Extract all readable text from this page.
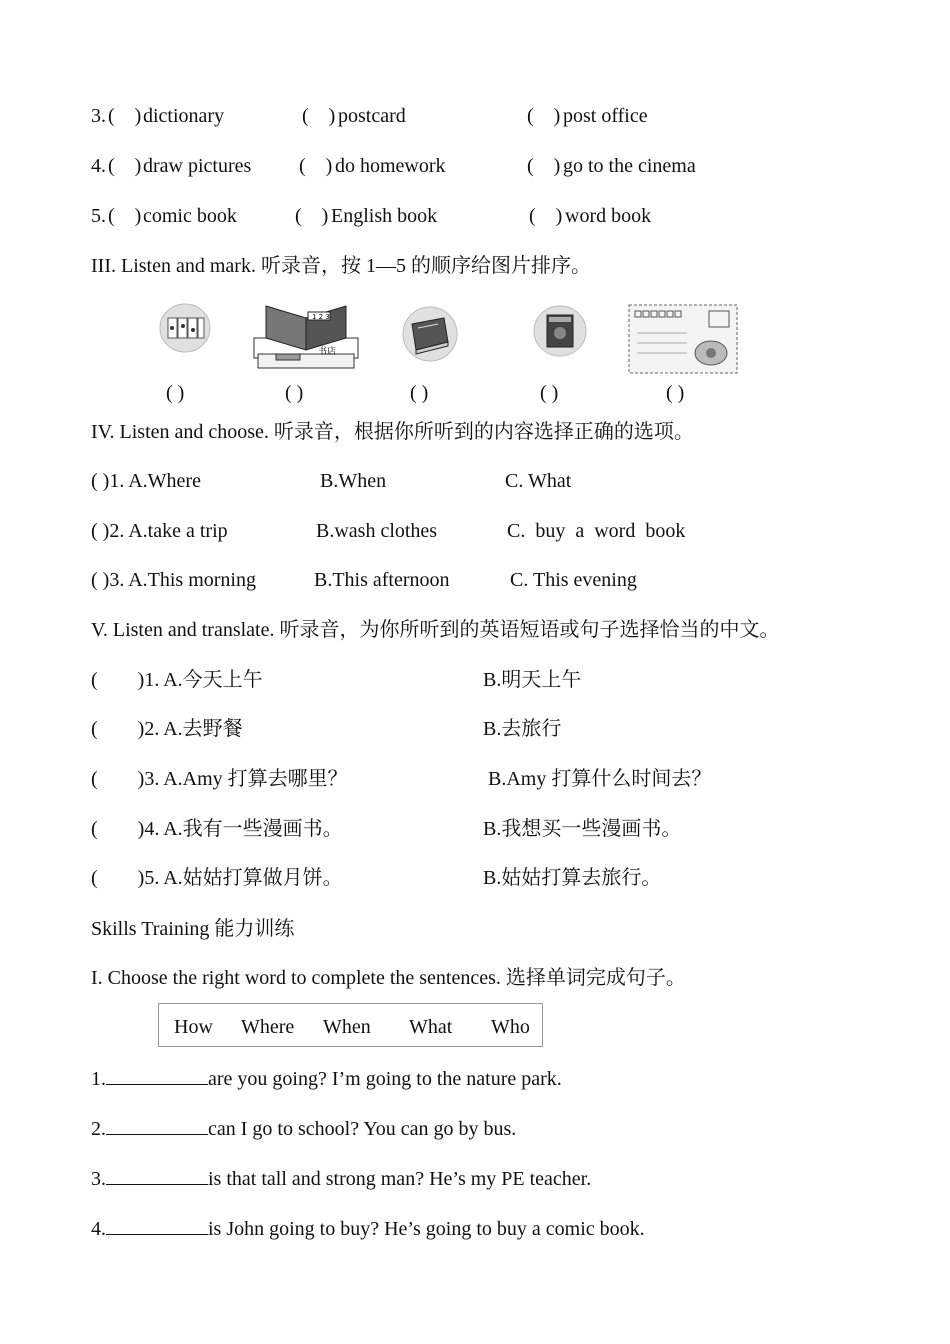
3. (    ) dictionary	(    ) postcard	(    ) post office
4. (    ) draw pictures (    ) do homework	(    ) go to the cinema
5. (    ) comic book	(    ) English book	(    ) word book
III. Listen and mark. 听录音，按 1—5 的顺序给图片排序。
1 2 3
书店
( )	( )	( )	( )	( )
IV. Listen and choose. 听录音，根据你所听到的内容选择正确的选项。
( )1. A.Where	B.When	C. What
( )2. A.take a trip	B.wash clothes	C.  buy  a  word  book
( )3. A.This morning	B.This afternoon	C. This evening
V. Listen and translate. 听录音，为你所听到的英语短语或句子选择恰当的中文。
(        )1. A.今天上午	B.明天上午
(        )2. A.去野餐	B.去旅行
(        )3. A.Amy 打算去哪里？	B.Amy 打算什么时间去？
(        )4. A.我有一些漫画书。	B.我想买一些漫画书。
(        )5. A.姑姑打算做月饼。	B.姑姑打算去旅行。
Skills Training 能力训练
I. Choose the right word to complete the sentences. 选择单词完成句子。
How Where When What Who
1.	are you going? I’m going to the nature park.
2.	can I go to school? You can go by bus.
3.	is that tall and strong man? He’s my PE teacher.
4.	is John going to buy? He’s going to buy a comic book.
